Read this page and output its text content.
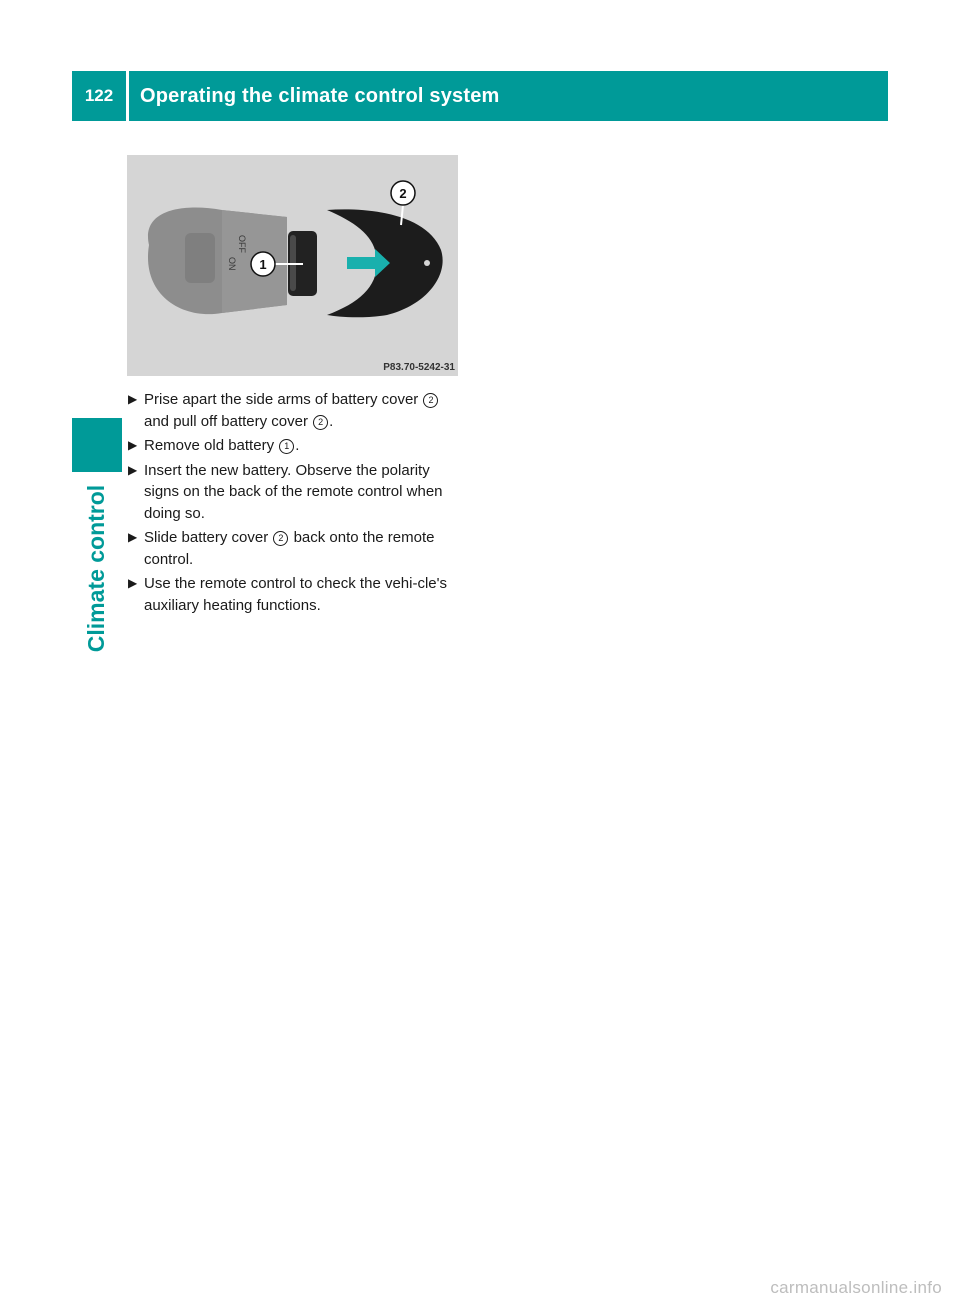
122	Operating the climate control system
Climate control
ON
OFF
1
2
P83.70-5242-31
▶ Prise apart the side arms of battery cover 2 and pull off battery cover 2 .
▶ Remove old battery 1 .
▶ Insert the new battery. Observe the polarity signs on the back of the remote control when doing so.
▶ Slide battery cover 2 back onto the remote control.
▶ Use the remote control to check the vehi-cle's auxiliary heating functions.
carmanualsonline.info
